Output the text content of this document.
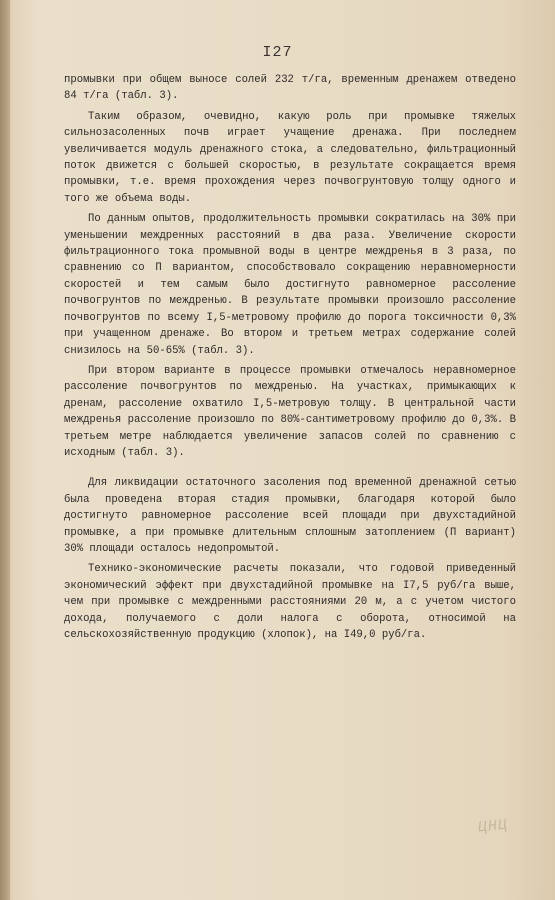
I27

промывки при общем выносе солей 232 т/га, временным дренажем отведено 84 т/га (табл. 3).

Таким образом, очевидно, какую роль при промывке тяжелых сильнозасоленных почв играет учащение дренажа. При последнем увеличивается модуль дренажного стока, а следовательно, фильтрационный поток движется с большей скоростью, в результате сокращается время промывки, т.е. время прохождения через почвогрунтовую толщу одного и того же объема воды.

По данным опытов, продолжительность промывки сократилась на 30% при уменьшении междренных расстояний в два раза. Увеличение скорости фильтрационного тока промывной воды в центре междренья в 3 раза, по сравнению со П вариантом, способствовало сокращению неравномерности скоростей и тем самым было достигнуто равномерное рассоление почвогрунтов по междренью. В результате промывки произошло рассоление почвогрунтов по всему I,5-метровому профилю до порога токсичности 0,3% при учащенном дренаже. Во втором и третьем метрах содержание солей снизилось на 50-65% (табл. 3).

При втором варианте в процессе промывки отмечалось неравномерное рассоление почвогрунтов по междренью. На участках, примыкающих к дренам, рассоление охватило I,5-метровую толщу. В центральной части междренья рассоление произошло по 80%-сантиметровому профилю до 0,3%. В третьем метре наблюдается увеличение запасов солей по сравнению с исходным (табл. 3).

Для ликвидации остаточного засоления под временной дренажной сетью была проведена вторая стадия промывки, благодаря которой было достигнуто равномерное рассоление всей площади при двухстадийной промывке, а при промывке длительным сплошным затоплением (П вариант) 30% площади осталось недопромытой.

Технико-экономические расчеты показали, что годовой приведенный экономический эффект при двухстадийной промывке на I7,5 руб/га выше, чем при промывке с междренными расстояниями 20 м, а с учетом чистого дохода, получаемого с доли налога с оборота, относимой на сельскохозяйственную продукцию (хлопок), на I49,0 руб/га.

ЦНЦ
